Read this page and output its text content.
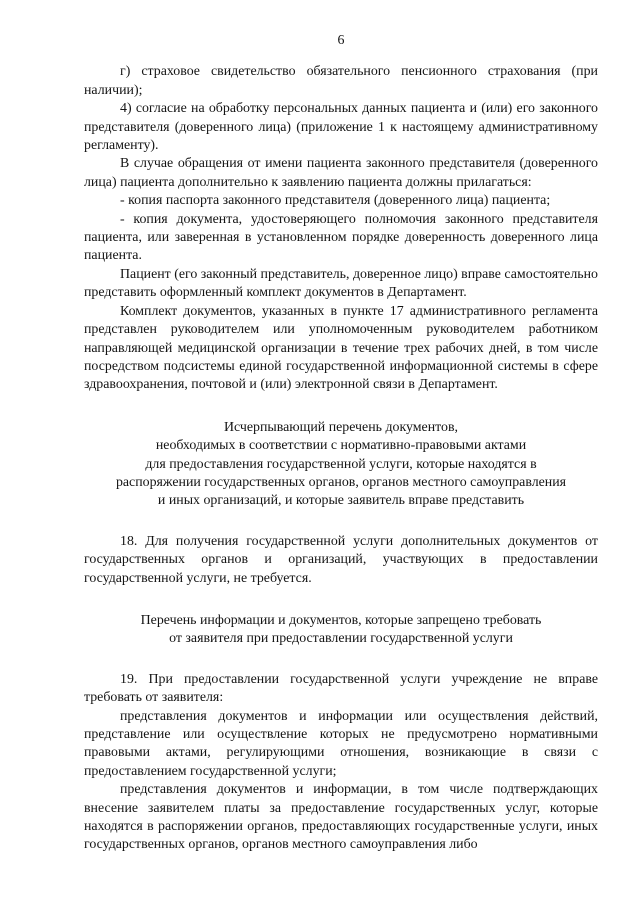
6

г) страховое свидетельство обязательного пенсионного страхования (при наличии);

4) согласие на обработку персональных данных пациента и (или) его законного представителя (доверенного лица) (приложение 1 к настоящему административному регламенту).

В случае обращения от имени пациента законного представителя (доверенного лица) пациента дополнительно к заявлению пациента должны прилагаться:

- копия паспорта законного представителя (доверенного лица) пациента;

- копия документа, удостоверяющего полномочия законного представителя пациента, или заверенная в установленном порядке доверенность доверенного лица пациента.

Пациент (его законный представитель, доверенное лицо) вправе самостоятельно представить оформленный комплект документов в Департамент.

Комплект документов, указанных в пункте 17 административного регламента представлен руководителем или уполномоченным руководителем работником направляющей медицинской организации в течение трех рабочих дней, в том числе посредством подсистемы единой государственной информационной системы в сфере здравоохранения, почтовой и (или) электронной связи в Департамент.

Исчерпывающий перечень документов,
необходимых в соответствии с нормативно-правовыми актами
для предоставления государственной услуги, которые находятся в
распоряжении государственных органов, органов местного самоуправления
и иных организаций, и которые заявитель вправе представить

18. Для получения государственной услуги дополнительных документов от государственных органов и организаций, участвующих в предоставлении государственной услуги, не требуется.

Перечень информации и документов, которые запрещено требовать
от заявителя при предоставлении государственной услуги

19. При предоставлении государственной услуги учреждение не вправе требовать от заявителя:

представления документов и информации или осуществления действий, представление или осуществление которых не предусмотрено нормативными правовыми актами, регулирующими отношения, возникающие в связи с предоставлением государственной услуги;

представления документов и информации, в том числе подтверждающих внесение заявителем платы за предоставление государственных услуг, которые находятся в распоряжении органов, предоставляющих государственные услуги, иных государственных органов, органов местного самоуправления либо
